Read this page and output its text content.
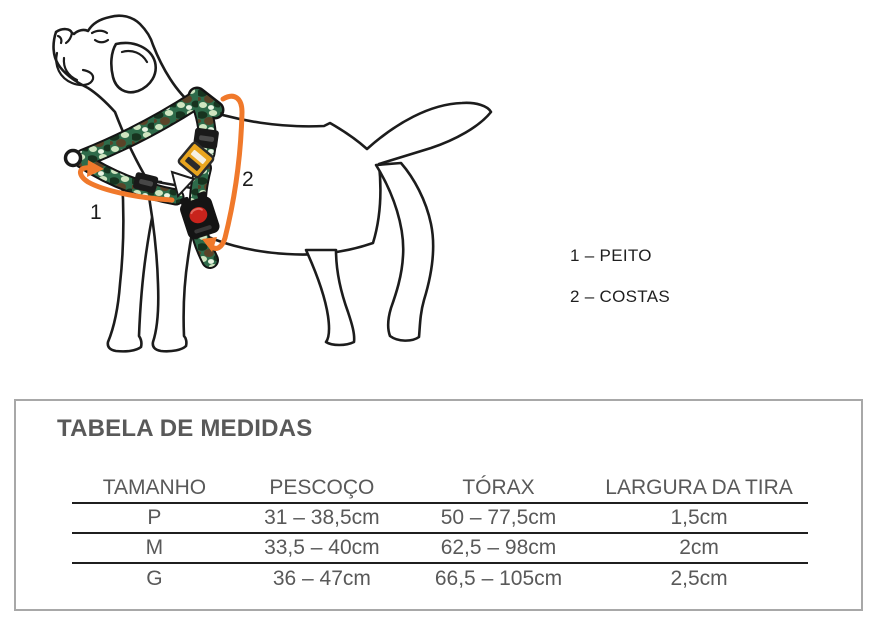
1
2
1 – PEITO
2 – COSTAS
TABELA DE MEDIDAS
TAMANHO	PESCOÇO	TÓRAX	LARGURA DA TIRA
P	31 – 38,5cm	50 – 77,5cm	1,5cm
M	33,5 – 40cm	62,5 – 98cm	2cm
G	36 – 47cm	66,5 – 105cm	2,5cm
